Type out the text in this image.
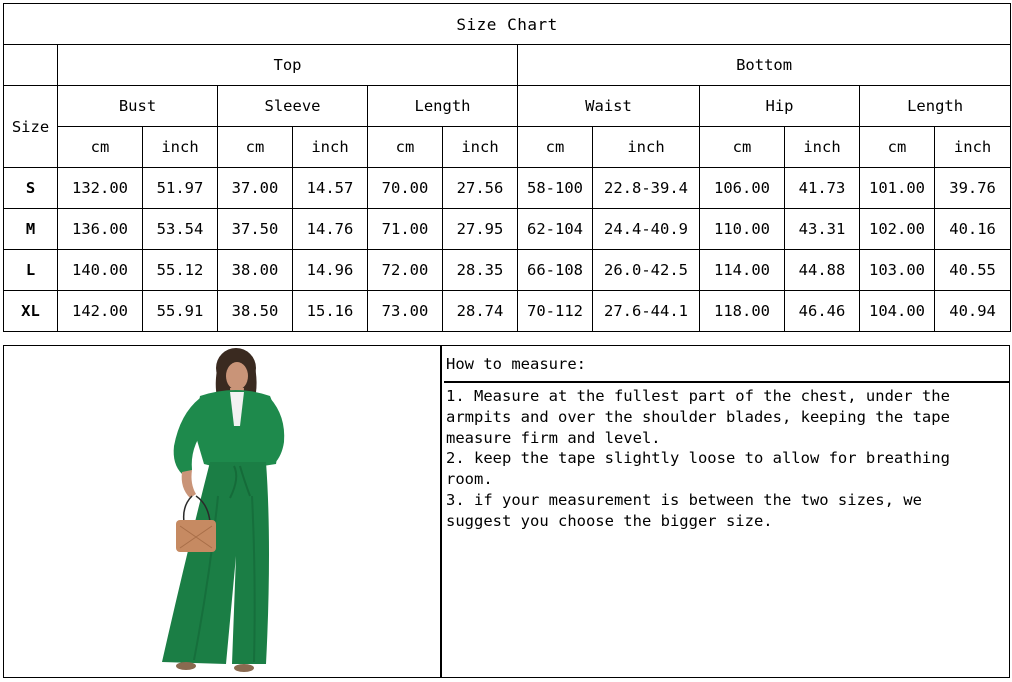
Size Chart												
	Top						Bottom					
Size	Bust		Sleeve		Length		Waist		Hip		Length	
	cm	inch	cm	inch	cm	inch	cm	inch	cm	inch	cm	inch
S	132.00	51.97	37.00	14.57	70.00	27.56	58-100	22.8-39.4	106.00	41.73	101.00	39.76
M	136.00	53.54	37.50	14.76	71.00	27.95	62-104	24.4-40.9	110.00	43.31	102.00	40.16
L	140.00	55.12	38.00	14.96	72.00	28.35	66-108	26.0-42.5	114.00	44.88	103.00	40.55
XL	142.00	55.91	38.50	15.16	73.00	28.74	70-112	27.6-44.1	118.00	46.46	104.00	40.94
How to measure:

1. Measure at the fullest part of the chest, under the armpits and over the shoulder blades, keeping the tape measure firm and level.

2. keep the tape slightly loose to allow for breathing room.

3. if your measurement is between the two sizes, we suggest you choose the bigger size.
